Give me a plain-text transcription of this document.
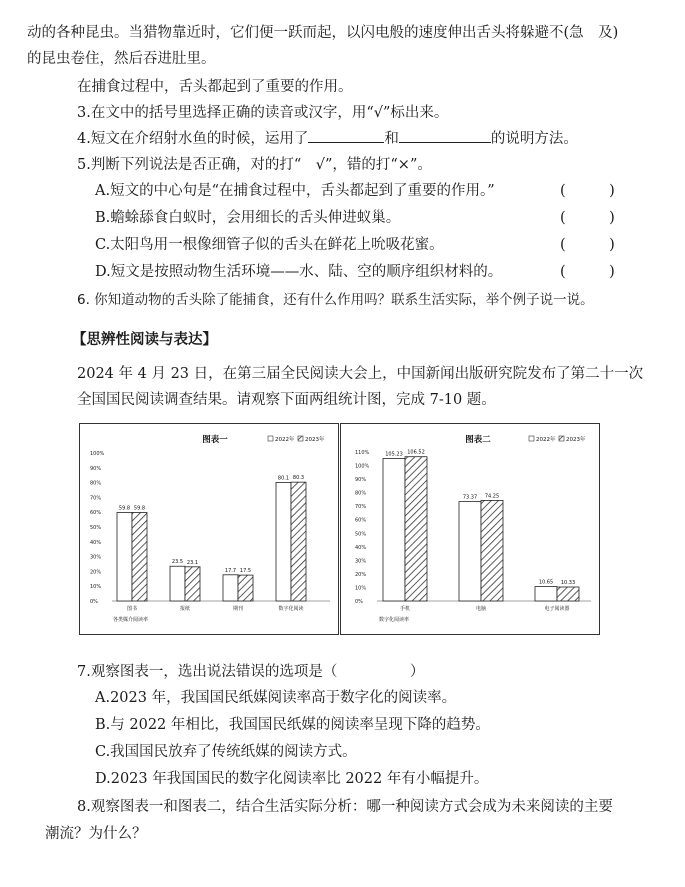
动的各种昆虫。当猎物靠近时，它们便一跃而起，以闪电般的速度伸出舌头将躲避不(急　及)
的昆虫卷住，然后吞进肚里。
在捕食过程中，舌头都起到了重要的作用。
3.在文中的括号里选择正确的读音或汉字，用“√”标出来。
4.短文在介绍射水鱼的时候，运用了	和	的说明方法。
5.判断下列说法是否正确，对的打“　√”，错的打“×”。
A.短文的中心句是“在捕食过程中，舌头都起到了重要的作用。”	(　　　)
B.蟾蜍舔食白蚁时，会用细长的舌头伸进蚁巢。	(　　　)
C.太阳鸟用一根像细管子似的舌头在鲜花上吮吸花蜜。	(　　　)
D.短文是按照动物生活环境——水、陆、空的顺序组织材料的。	(　　　)
6. 你知道动物的舌头除了能捕食，还有什么作用吗？联系生活实际，举个例子说一说。
【思辨性阅读与表达】
2024 年 4 月 23 日，在第三届全民阅读大会上，中国新闻出版研究院发布了第二十一次
全国国民阅读调查结果。请观察下面两组统计图，完成 7-10 题。
图表一	2022年 2023年
0%
10%
20%
30%
40%
50%
60%
70%
80%
90%
100%
59.8 59.8
图书
23.5 23.1
报纸
17.7 17.5
期刊
80.1 80.3
数字化阅读
各类媒介阅读率
图表二	2022年 2023年
0%
10%
20%
30%
40%
50%
60%
70%
80%
90%
100%
110%	105.23 106.52
手机
73.37 74.25
电脑
10.65 10.33
电子阅读器
数字化阅读率
7.观察图表一，选出说法错误的选项是（　　　　　）
A.2023 年，我国国民纸媒阅读率高于数字化的阅读率。
B.与 2022 年相比，我国国民纸媒的阅读率呈现下降的趋势。
C.我国国民放弃了传统纸媒的阅读方式。
D.2023 年我国国民的数字化阅读率比 2022 年有小幅提升。
8.观察图表一和图表二，结合生活实际分析：哪一种阅读方式会成为未来阅读的主要
潮流？为什么？
